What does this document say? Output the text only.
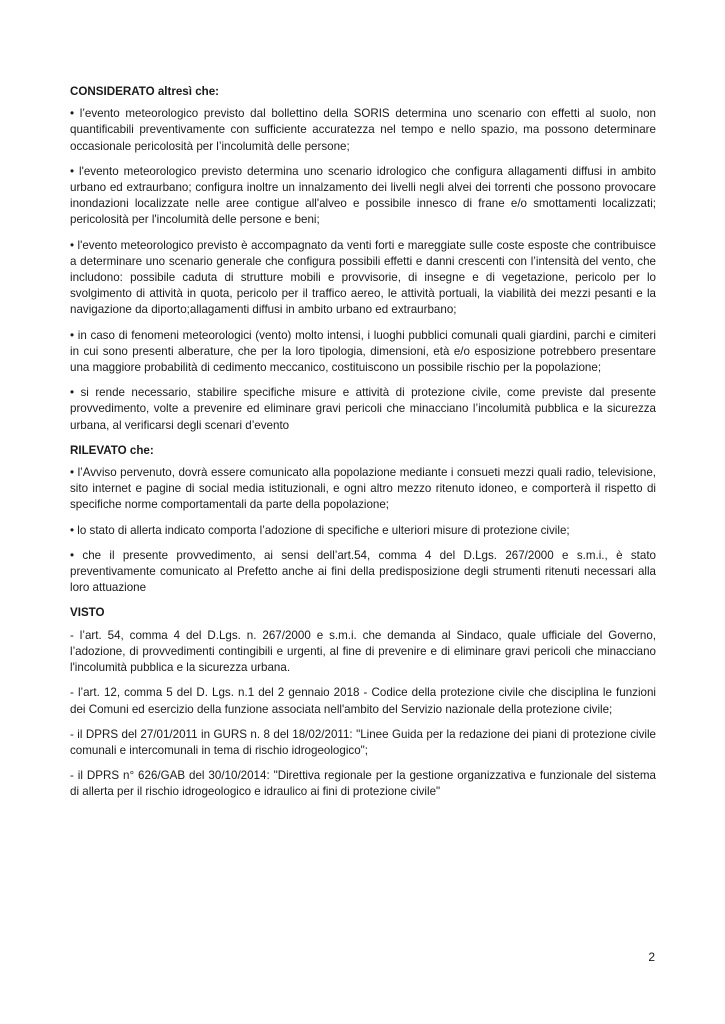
CONSIDERATO altresì che:

• l’evento meteorologico previsto dal bollettino della SORIS determina uno scenario con effetti al suolo, non quantificabili preventivamente con sufficiente accuratezza nel tempo e nello spazio, ma possono determinare occasionale pericolosità per l’incolumità delle persone;

• l'evento meteorologico previsto determina uno scenario idrologico che configura allagamenti diffusi in ambito urbano ed extraurbano; configura inoltre un innalzamento dei livelli negli alvei dei torrenti che possono provocare inondazioni localizzate nelle aree contigue all'alveo e possibile innesco di frane e/o smottamenti localizzati; pericolosità per l'incolumità delle persone e beni;

• l'evento meteorologico previsto è accompagnato da venti forti e mareggiate sulle coste esposte che contribuisce a determinare uno scenario generale che configura possibili effetti e danni crescenti con l’intensità del vento, che includono: possibile caduta di strutture mobili e provvisorie, di insegne e di vegetazione, pericolo per lo svolgimento di attività in quota, pericolo per il traffico aereo, le attività portuali, la viabilità dei mezzi pesanti e la navigazione da diporto;allagamenti diffusi in ambito urbano ed extraurbano;

• in caso di fenomeni meteorologici (vento) molto intensi, i luoghi pubblici comunali quali giardini, parchi e cimiteri in cui sono presenti alberature, che per la loro tipologia, dimensioni, età e/o esposizione potrebbero presentare una maggiore probabilità di cedimento meccanico, costituiscono un possibile rischio per la popolazione;

• si rende necessario, stabilire specifiche misure e attività di protezione civile, come previste dal presente provvedimento, volte a prevenire ed eliminare gravi pericoli che minacciano l’incolumità pubblica e la sicurezza urbana, al verificarsi degli scenari d’evento

RILEVATO che:

• l’Avviso pervenuto, dovrà essere comunicato alla popolazione mediante i consueti mezzi quali radio, televisione, sito internet e pagine di social media istituzionali, e ogni altro mezzo ritenuto idoneo, e comporterà il rispetto di specifiche norme comportamentali da parte della popolazione;

• lo stato di allerta indicato comporta l’adozione di specifiche e ulteriori misure di protezione civile;

• che il presente provvedimento, ai sensi dell’art.54, comma 4 del D.Lgs. 267/2000 e s.m.i., è stato preventivamente comunicato al Prefetto anche ai fini della predisposizione degli strumenti ritenuti necessari alla loro attuazione

VISTO

- l’art. 54, comma 4 del D.Lgs. n. 267/2000 e s.m.i. che demanda al Sindaco, quale ufficiale del Governo, l’adozione, di provvedimenti contingibili e urgenti, al fine di prevenire e di eliminare gravi pericoli che minacciano l'incolumità pubblica e la sicurezza urbana.

- l’art. 12, comma 5 del D. Lgs. n.1 del 2 gennaio 2018 - Codice della protezione civile che disciplina le funzioni dei Comuni ed esercizio della funzione associata nell'ambito del Servizio nazionale della protezione civile;

- il DPRS del 27/01/2011 in GURS n. 8 del 18/02/2011: "Linee Guida per la redazione dei piani di protezione civile comunali e intercomunali in tema di rischio idrogeologico";

- il DPRS n° 626/GAB del 30/10/2014: "Direttiva regionale per la gestione organizzativa e funzionale del sistema di allerta per il rischio idrogeologico e idraulico ai fini di protezione civile"

2
